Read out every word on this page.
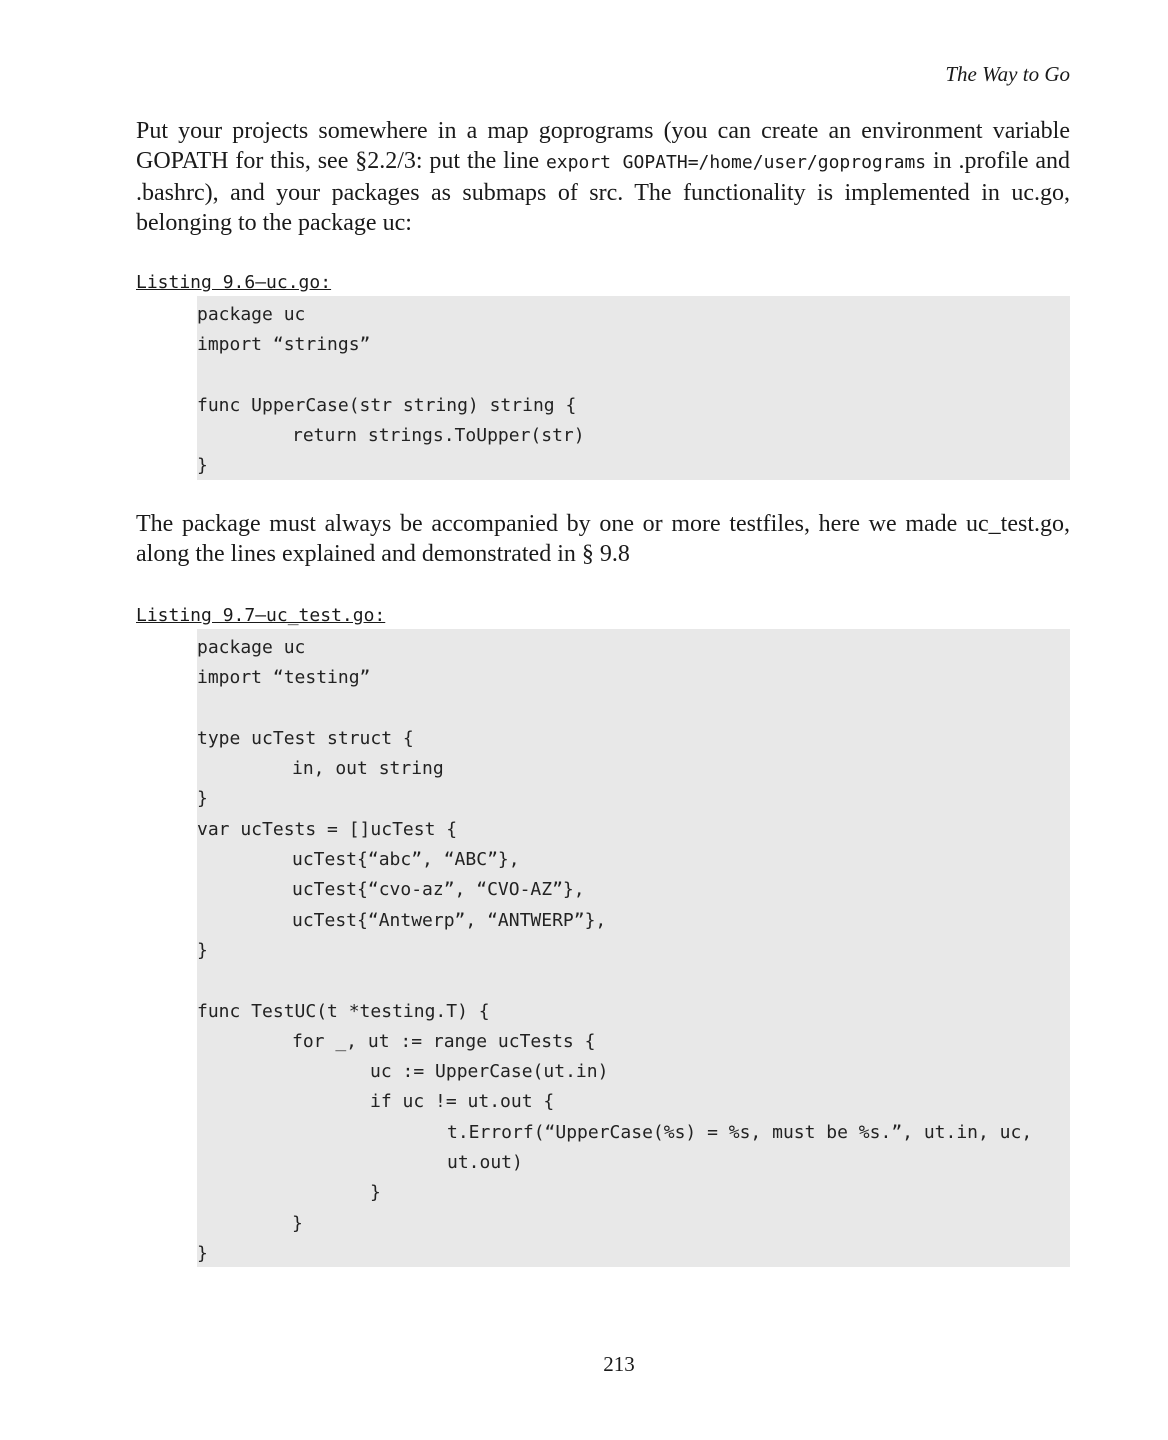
The Way to Go

Put your projects somewhere in a map goprograms (you can create an environment variable GOPATH for this, see §2.2/3: put the line export GOPATH=/home/user/goprograms in .profile and .bashrc), and your packages as submaps of src. The functionality is implemented in uc.go, belonging to the package uc:

Listing 9.6—uc.go:
package uc
import “strings”
func UpperCase(str string) string {
return strings.ToUpper(str)
}

The package must always be accompanied by one or more testfiles, here we made uc_test.go, along the lines explained and demonstrated in § 9.8

Listing 9.7—uc_test.go:
package uc
import “testing”
type ucTest struct {
in, out string
}
var ucTests = []ucTest {
ucTest{“abc”, “ABC”},
ucTest{“cvo-az”, “CVO-AZ”},
ucTest{“Antwerp”, “ANTWERP”},
}
func TestUC(t *testing.T) {
for _, ut := range ucTests {
uc := UpperCase(ut.in)
if uc != ut.out {
t.Errorf(“UpperCase(%s) = %s, must be %s.”, ut.in, uc,
ut.out)
}
}
}
213
